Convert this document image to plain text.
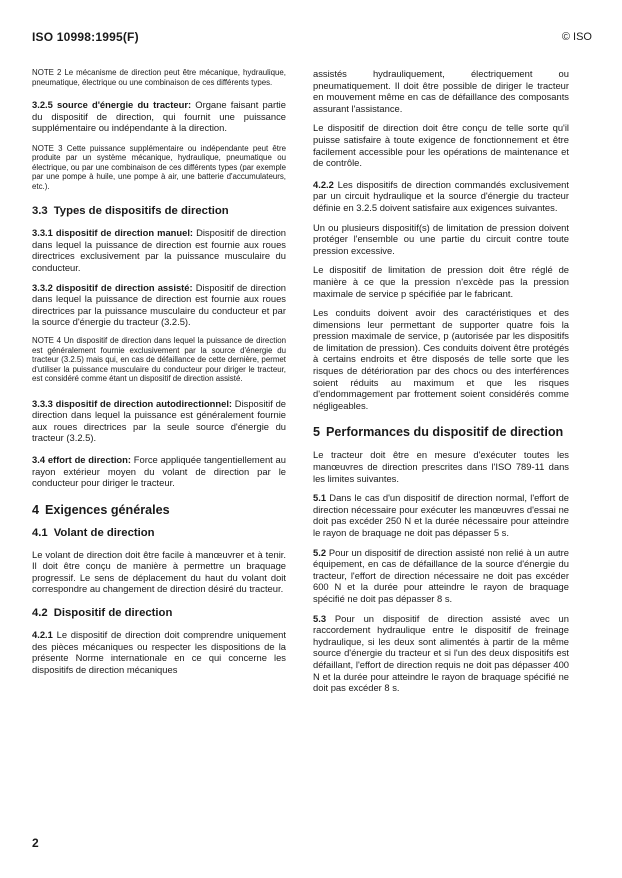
ISO 10998:1995(F)	© ISO

NOTE 2 Le mécanisme de direction peut être mécanique, hydraulique, pneumatique, électrique ou une combinaison de ces différents types.

3.2.5 source d'énergie du tracteur: Organe faisant partie du dispositif de direction, qui fournit une puissance supplémentaire ou indépendante à la direction.

NOTE 3 Cette puissance supplémentaire ou indépendante peut être produite par un système mécanique, hydraulique, pneumatique ou électrique, ou par une combinaison de ces différents types (par exemple par une pompe à huile, une pompe à air, une batterie d'accumulateurs, etc.).

3.3 Types de dispositifs de direction

3.3.1 dispositif de direction manuel: Dispositif de direction dans lequel la puissance de direction est fournie aux roues directrices exclusivement par la puissance musculaire du conducteur.

3.3.2 dispositif de direction assisté: Dispositif de direction dans lequel la puissance de direction est fournie aux roues directrices par la puissance musculaire du conducteur et par la source d'énergie du tracteur (3.2.5).

NOTE 4 Un dispositif de direction dans lequel la puissance de direction est généralement fournie exclusivement par la source d'énergie du tracteur (3.2.5) mais qui, en cas de défaillance de cette dernière, permet d'utiliser la puissance musculaire du conducteur pour diriger le tracteur, est considéré comme étant un dispositif de direction assisté.

3.3.3 dispositif de direction autodirectionnel: Dispositif de direction dans lequel la puissance est généralement fournie aux roues directrices par la seule source d'énergie du tracteur (3.2.5).

3.4 effort de direction: Force appliquée tangentiellement au rayon extérieur moyen du volant de direction par le conducteur pour diriger le tracteur.

4 Exigences générales
4.1 Volant de direction

Le volant de direction doit être facile à manœuvrer et à tenir. Il doit être conçu de manière à permettre un braquage progressif. Le sens de déplacement du haut du volant doit correspondre au changement de direction désiré du tracteur.

4.2 Dispositif de direction

4.2.1 Le dispositif de direction doit comprendre uniquement des pièces mécaniques ou respecter les dispositions de la présente Norme internationale en ce qui concerne les dispositifs de direction mécaniques

assistés hydrauliquement, électriquement ou pneumatiquement. Il doit être possible de diriger le tracteur en mouvement même en cas de défaillance des composants assurant l'assistance.

Le dispositif de direction doit être conçu de telle sorte qu'il puisse satisfaire à toute exigence de fonctionnement et être facilement accessible pour les opérations de maintenance et de contrôle.

4.2.2 Les dispositifs de direction commandés exclusivement par un circuit hydraulique et la source d'énergie du tracteur définie en 3.2.5 doivent satisfaire aux exigences suivantes.

Un ou plusieurs dispositif(s) de limitation de pression doivent protéger l'ensemble ou une partie du circuit contre toute pression excessive.

Le dispositif de limitation de pression doit être réglé de manière à ce que la pression n'excède pas la pression maximale de service p spécifiée par le fabricant.

Les conduits doivent avoir des caractéristiques et des dimensions leur permettant de supporter quatre fois la pression maximale de service, p (autorisée par les dispositifs de limitation de pression). Ces conduits doivent être protégés à certains endroits et être disposés de telle sorte que les risques de détérioration par des chocs ou des interférences soient réduits au maximum et que les risques d'endommagement par frottement soient considérés comme négligeables.

5 Performances du dispositif de direction

Le tracteur doit être en mesure d'exécuter toutes les manœuvres de direction prescrites dans l'ISO 789-11 dans les limites suivantes.

5.1 Dans le cas d'un dispositif de direction normal, l'effort de direction nécessaire pour exécuter les manœuvres d'essai ne doit pas excéder 250 N et la durée nécessaire pour atteindre le rayon de braquage ne doit pas dépasser 5 s.

5.2 Pour un dispositif de direction assisté non relié à un autre équipement, en cas de défaillance de la source d'énergie du tracteur, l'effort de direction nécessaire ne doit pas excéder 600 N et la durée pour atteindre le rayon de braquage spécifié ne doit pas dépasser 8 s.

5.3 Pour un dispositif de direction assisté avec un raccordement hydraulique entre le dispositif de freinage hydraulique, si les deux sont alimentés à partir de la même source d'énergie du tracteur et si l'un des deux dispositifs est défaillant, l'effort de direction requis ne doit pas dépasser 400 N et la durée pour atteindre le rayon de braquage spécifié ne doit pas excéder 8 s.

2
